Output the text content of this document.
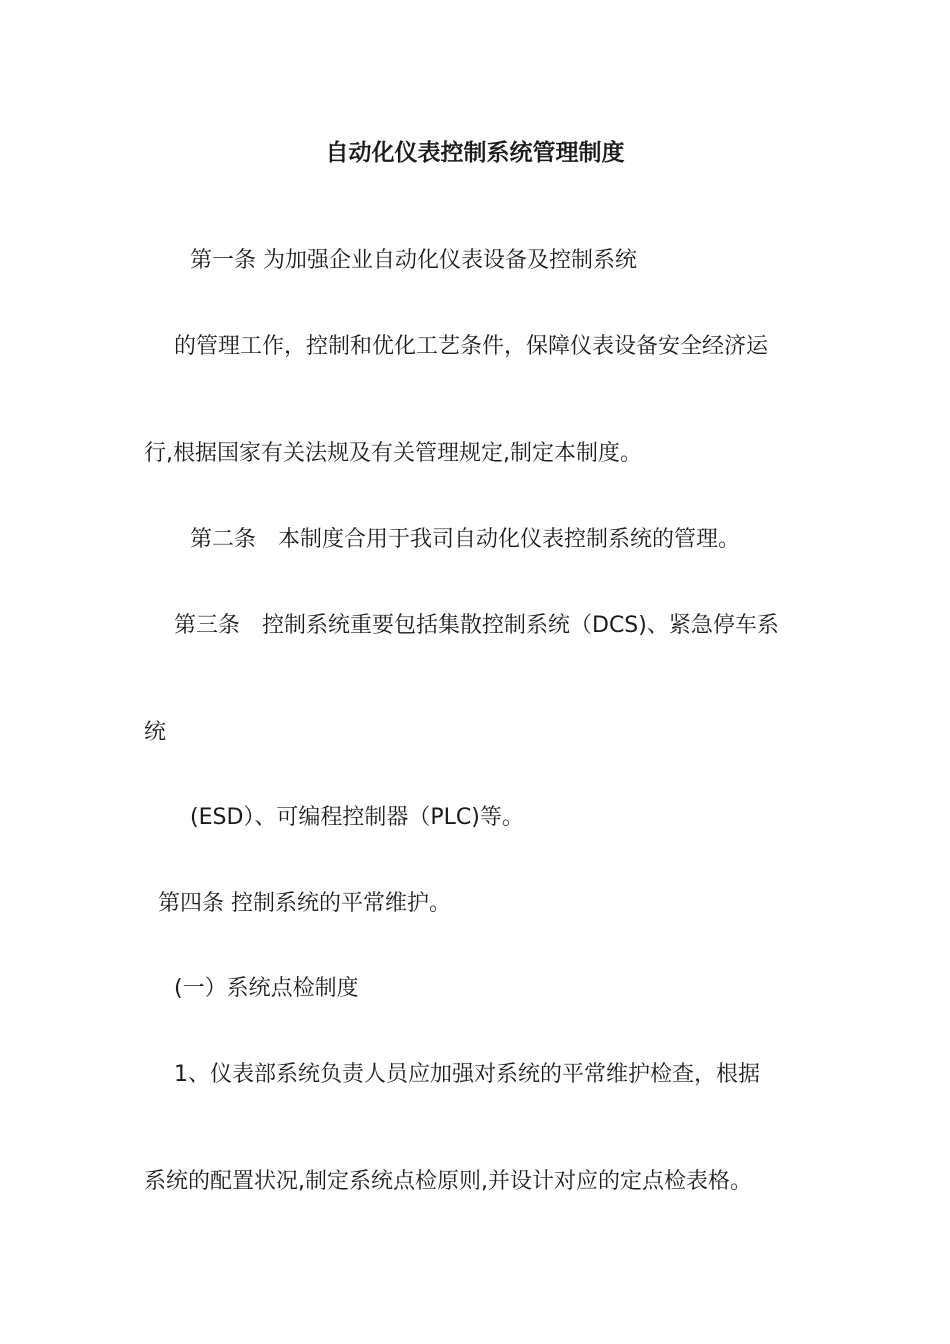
自动化仪表控制系统管理制度
第一条 为加强企业自动化仪表设备及控制系统
的管理工作，控制和优化工艺条件，保障仪表设备安全经济运
行,根据国家有关法规及有关管理规定,制定本制度。
第二条　本制度合用于我司自动化仪表控制系统的管理。
第三条　控制系统重要包括集散控制系统（DCS)、紧急停车系
统
(ESD）、可编程控制器（PLC)等。
第四条 控制系统的平常维护。
(一）系统点检制度
1、仪表部系统负责人员应加强对系统的平常维护检查，根据
系统的配置状况,制定系统点检原则,并设计对应的定点检表格。
